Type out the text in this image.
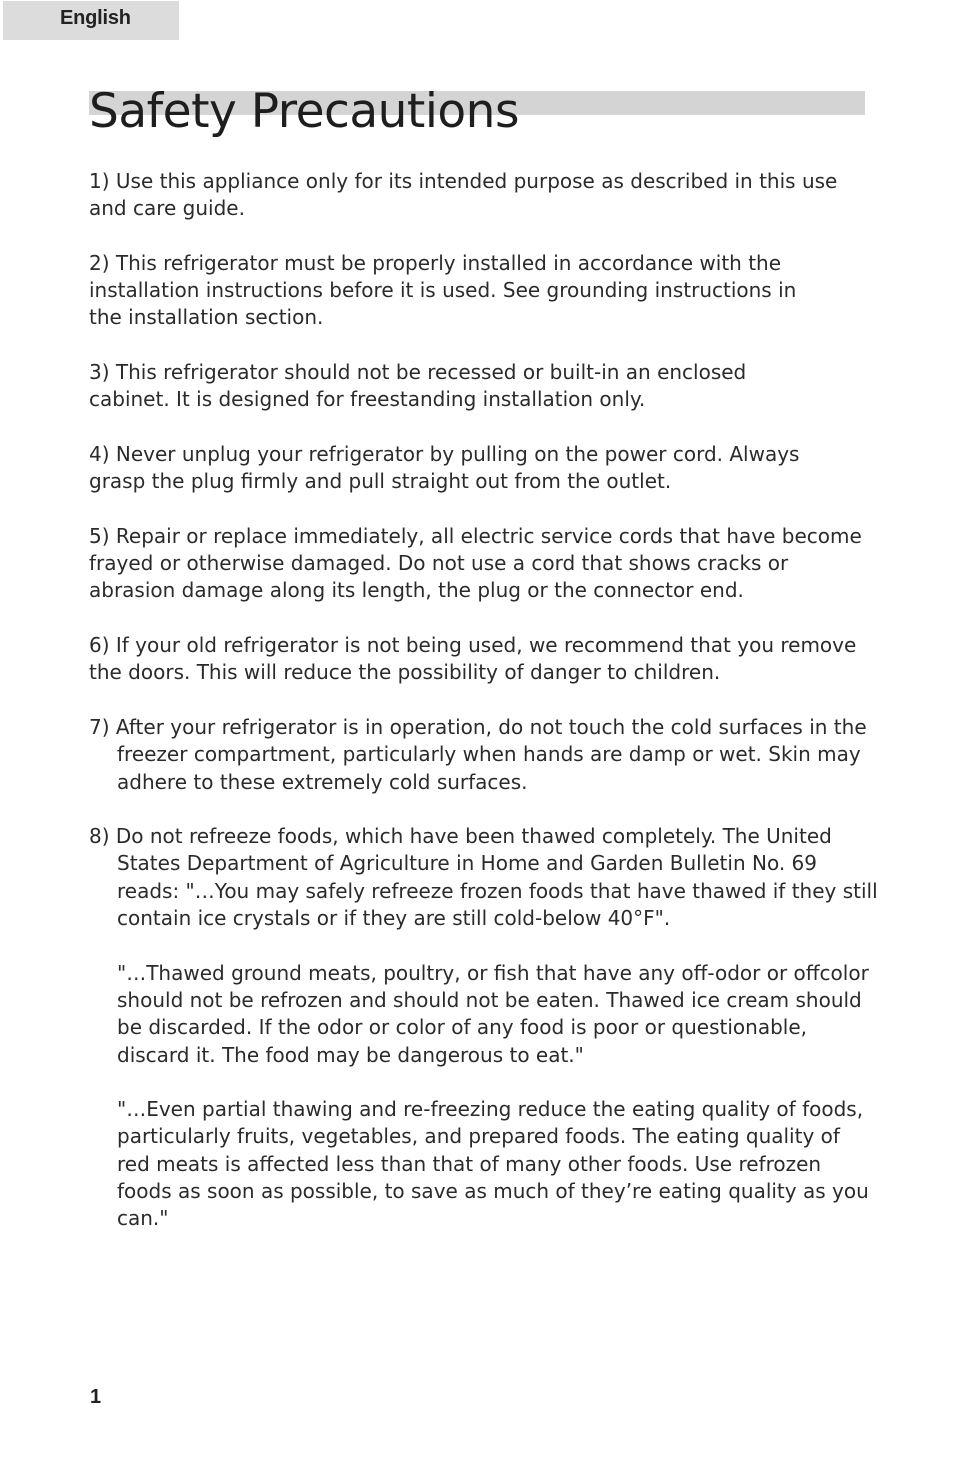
English
Safety Precautions

1) Use this appliance only for its intended purpose as described in this use and care guide.

2) This refrigerator must be properly installed in accordance with the
installation instructions before it is used. See grounding instructions in
the installation section.

3) This refrigerator should not be recessed or built-in an enclosed
cabinet. It is designed for freestanding installation only.

4) Never unplug your refrigerator by pulling on the power cord. Always
grasp the plug firmly and pull straight out from the outlet.

5) Repair or replace immediately, all electric service cords that have become frayed or otherwise damaged. Do not use a cord that shows cracks or abrasion damage along its length, the plug or the connector end.

6) If your old refrigerator is not being used, we recommend that you remove the doors. This will reduce the possibility of danger to children.

7) After your refrigerator is in operation, do not touch the cold surfaces in the freezer compartment, particularly when hands are damp or wet. Skin may adhere to these extremely cold surfaces.

8) Do not refreeze foods, which have been thawed completely. The United States Department of Agriculture in Home and Garden Bulletin No. 69 reads: "…You may safely refreeze frozen foods that have thawed if they still contain ice crystals or if they are still cold-below 40°F".

"…Thawed ground meats, poultry, or fish that have any off-odor or offcolor should not be refrozen and should not be eaten. Thawed ice cream should be discarded. If the odor or color of any food is poor or questionable, discard it. The food may be dangerous to eat."

"…Even partial thawing and re-freezing reduce the eating quality of foods, particularly fruits, vegetables, and prepared foods. The eating quality of red meats is affected less than that of many other foods. Use refrozen foods as soon as possible, to save as much of they’re eating quality as you can."

1
